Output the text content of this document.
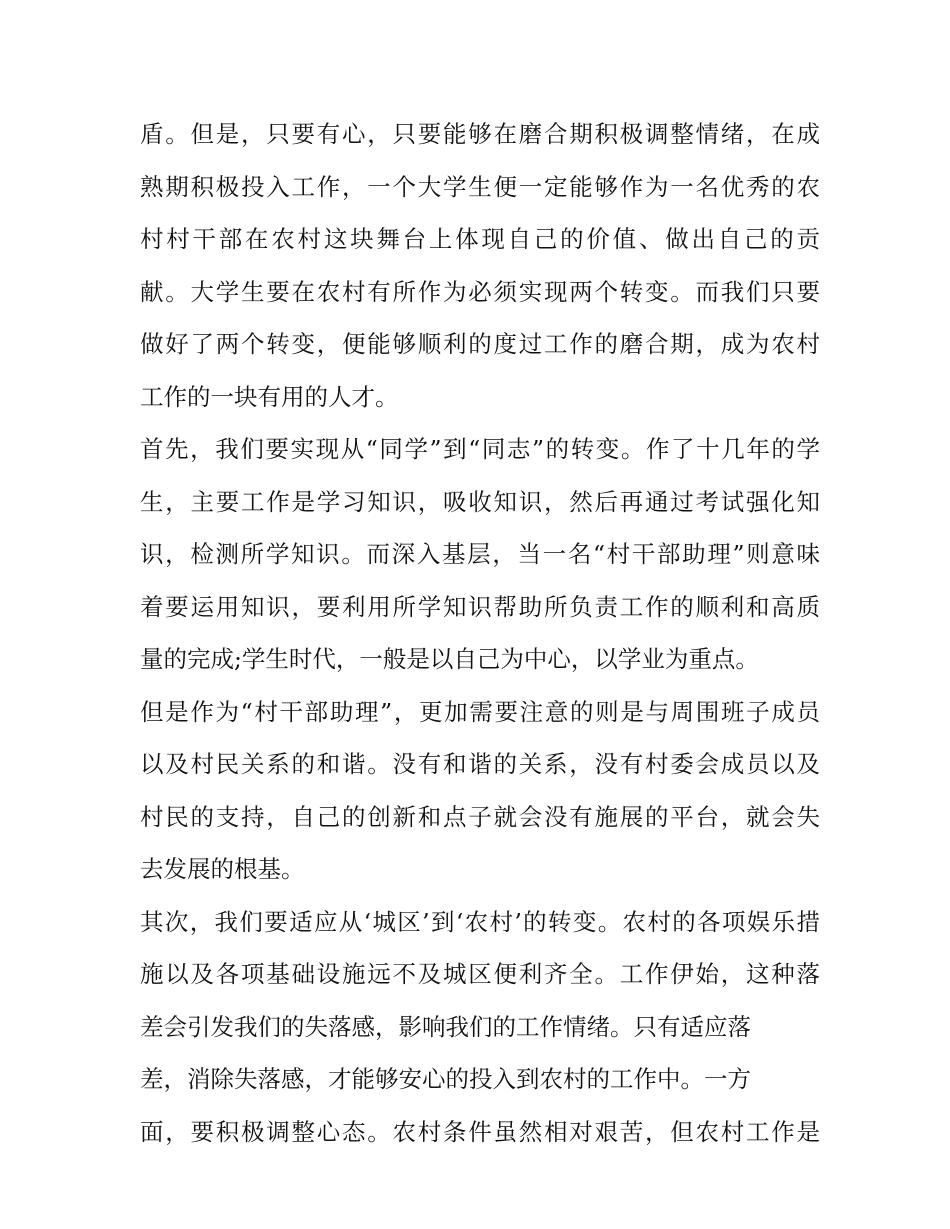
盾。但是，只要有心，只要能够在磨合期积极调整情绪，在成
熟期积极投入工作，一个大学生便一定能够作为一名优秀的农
村村干部在农村这块舞台上体现自己的价值、做出自己的贡
献。大学生要在农村有所作为必须实现两个转变。而我们只要
做好了两个转变，便能够顺利的度过工作的磨合期，成为农村
工作的一块有用的人才。
首先，我们要实现从“同学”到“同志”的转变。作了十几年的学
生，主要工作是学习知识，吸收知识，然后再通过考试强化知
识，检测所学知识。而深入基层，当一名“村干部助理”则意味
着要运用知识，要利用所学知识帮助所负责工作的顺利和高质
量的完成;学生时代，一般是以自己为中心，以学业为重点。
但是作为“村干部助理”，更加需要注意的则是与周围班子成员
以及村民关系的和谐。没有和谐的关系，没有村委会成员以及
村民的支持，自己的创新和点子就会没有施展的平台，就会失
去发展的根基。
其次，我们要适应从‘城区’到‘农村’的转变。农村的各项娱乐措
施以及各项基础设施远不及城区便利齐全。工作伊始，这种落
差会引发我们的失落感，影响我们的工作情绪。只有适应落
差，消除失落感，才能够安心的投入到农村的工作中。一方
面，要积极调整心态。农村条件虽然相对艰苦，但农村工作是
